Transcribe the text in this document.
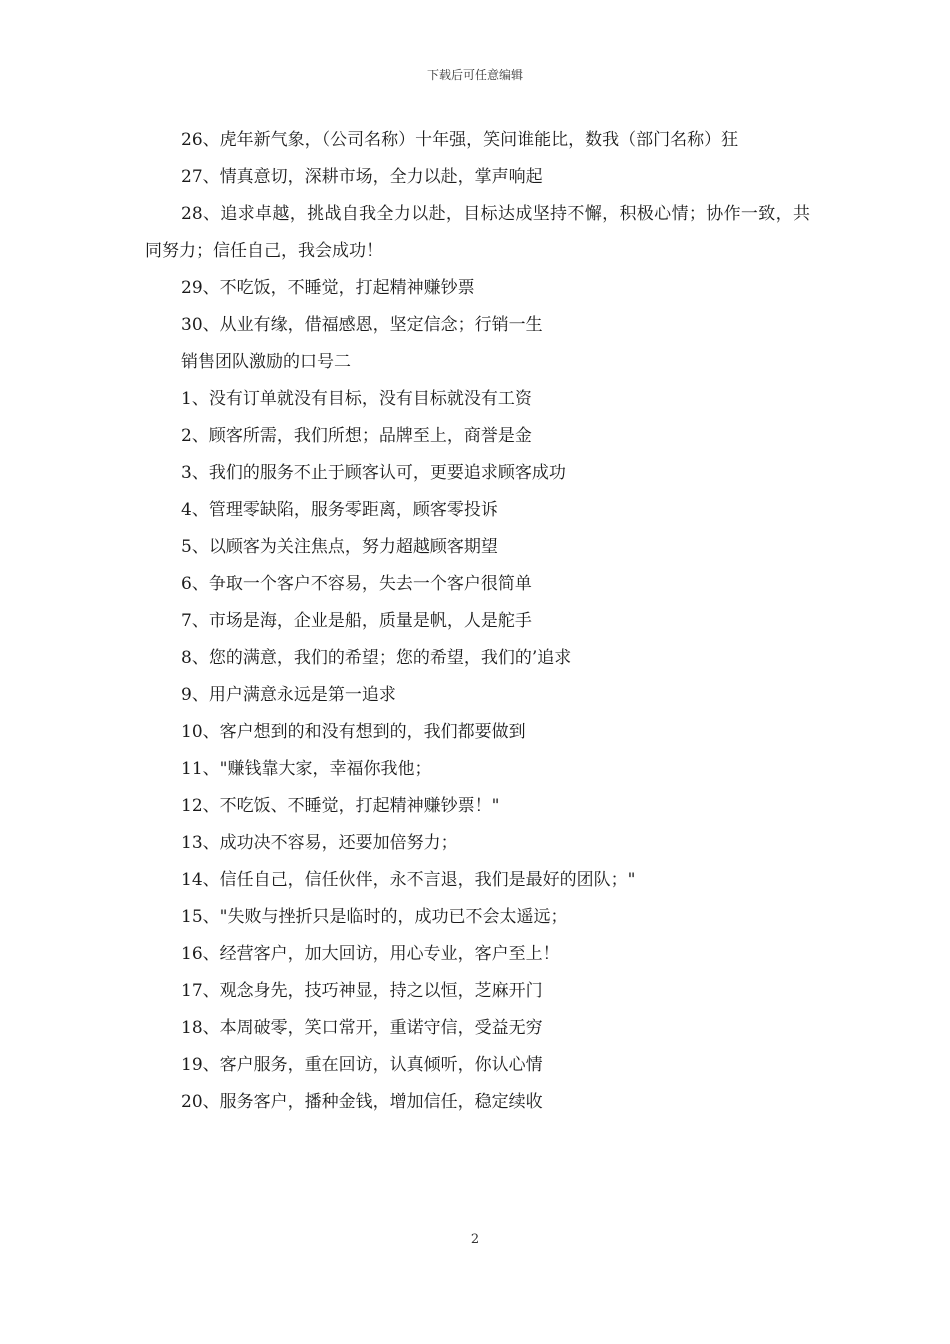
下载后可任意编辑

26、虎年新气象，（公司名称）十年强，笑问谁能比，数我（部门名称）狂

27、情真意切，深耕市场，全力以赴，掌声响起

28、追求卓越，挑战自我全力以赴，目标达成坚持不懈，积极心情；协作一致，共同努力；信任自己，我会成功！

29、不吃饭，不睡觉，打起精神赚钞票

30、从业有缘，借福感恩，坚定信念；行销一生

销售团队激励的口号二

1、没有订单就没有目标，没有目标就没有工资

2、顾客所需，我们所想；品牌至上，商誉是金

3、我们的服务不止于顾客认可，更要追求顾客成功

4、管理零缺陷，服务零距离，顾客零投诉

5、以顾客为关注焦点，努力超越顾客期望

6、争取一个客户不容易，失去一个客户很简单

7、市场是海，企业是船，质量是帆，人是舵手

8、您的满意，我们的希望；您的希望，我们的’追求

9、用户满意永远是第一追求

10、客户想到的和没有想到的，我们都要做到

11、"赚钱靠大家，幸福你我他；

12、不吃饭、不睡觉，打起精神赚钞票！"

13、成功决不容易，还要加倍努力；

14、信任自己，信任伙伴，永不言退，我们是最好的团队；"

15、"失败与挫折只是临时的，成功已不会太遥远；

16、经营客户，加大回访，用心专业，客户至上！

17、观念身先，技巧神显，持之以恒，芝麻开门

18、本周破零，笑口常开，重诺守信，受益无穷

19、客户服务，重在回访，认真倾听，你认心情

20、服务客户，播种金钱，增加信任，稳定续收

2
